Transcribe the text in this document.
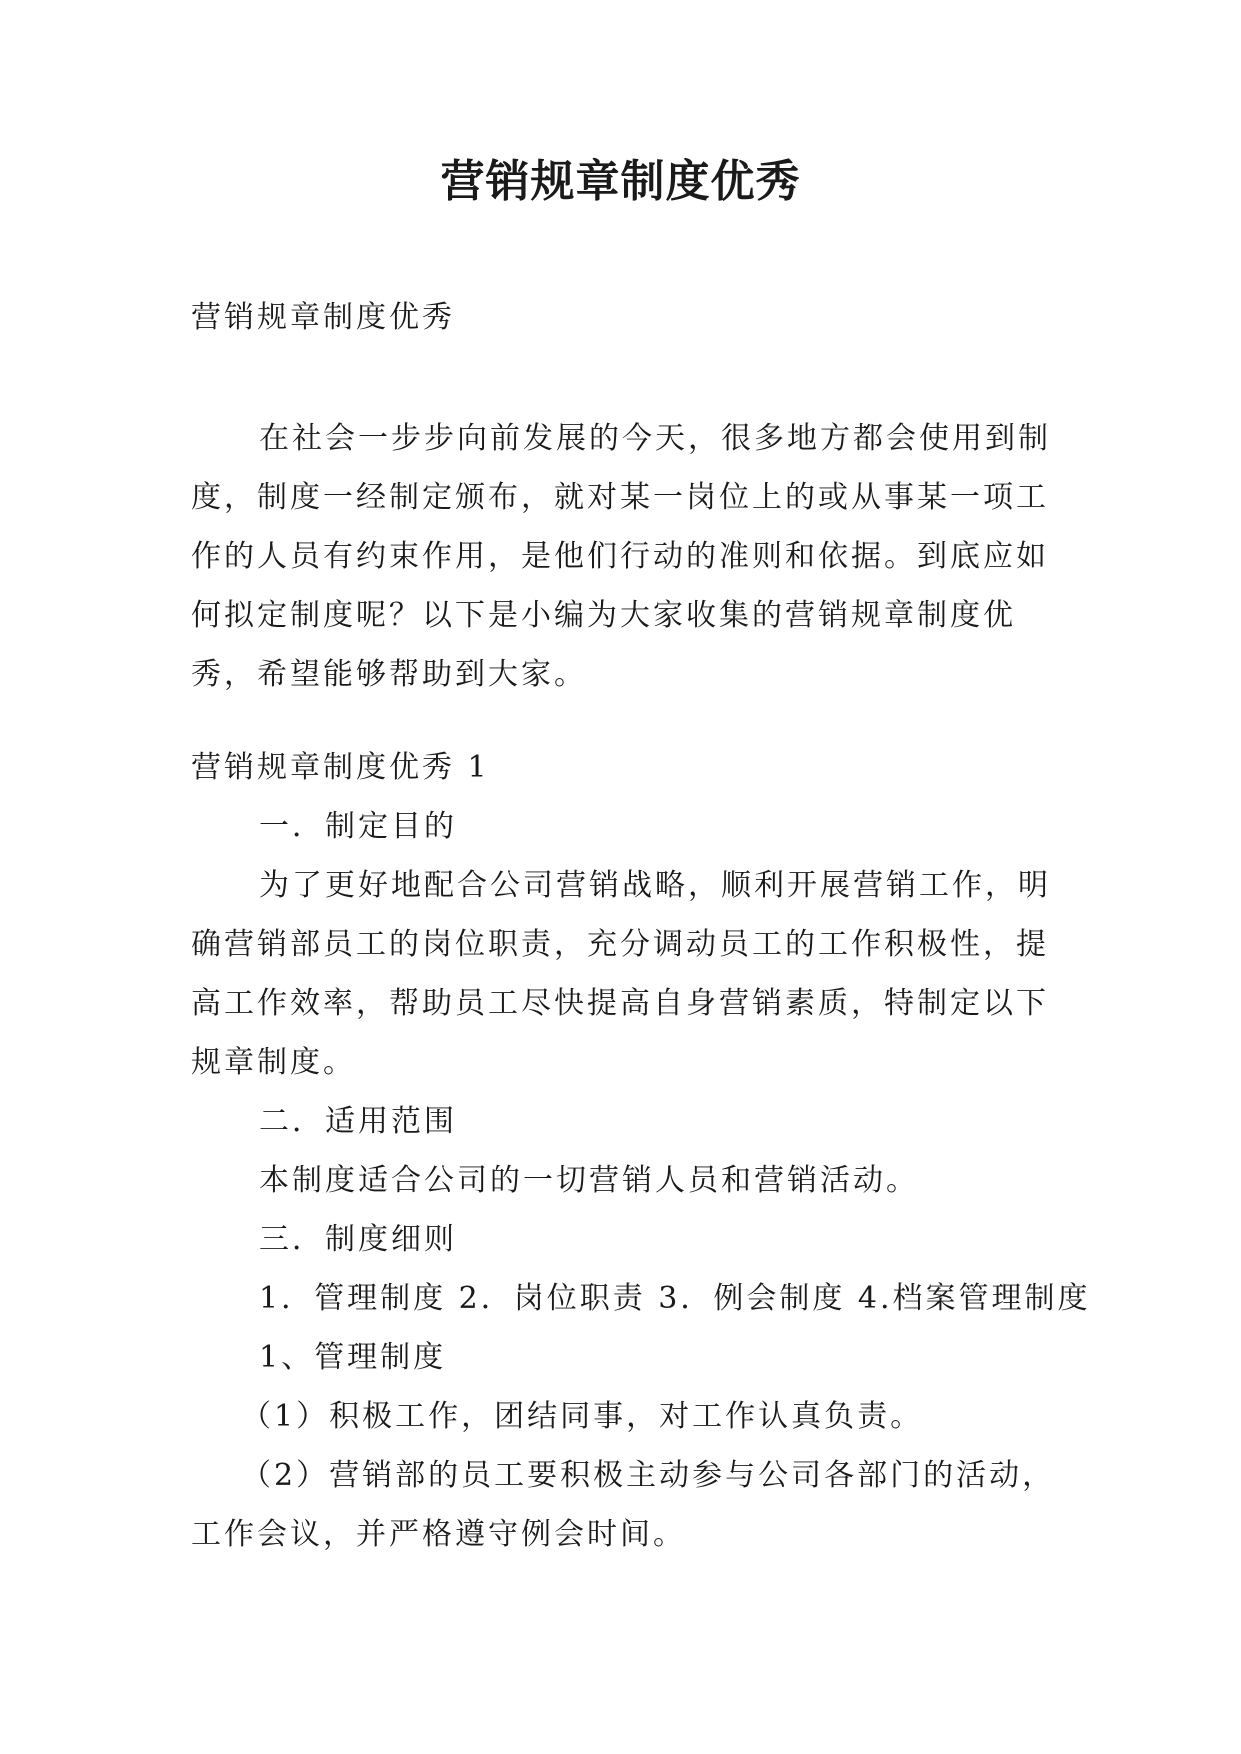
营销规章制度优秀

营销规章制度优秀

在社会一步步向前发展的今天，很多地方都会使用到制

度，制度一经制定颁布，就对某一岗位上的或从事某一项工

作的人员有约束作用，是他们行动的准则和依据。到底应如

何拟定制度呢？以下是小编为大家收集的营销规章制度优

秀，希望能够帮助到大家。

营销规章制度优秀 1

一．制定目的

为了更好地配合公司营销战略，顺利开展营销工作，明

确营销部员工的岗位职责，充分调动员工的工作积极性，提

高工作效率，帮助员工尽快提高自身营销素质，特制定以下

规章制度。

二．适用范围

本制度适合公司的一切营销人员和营销活动。

三．制度细则

1．管理制度 2．岗位职责 3．例会制度 4.档案管理制度

1、管理制度

（1）积极工作，团结同事，对工作认真负责。

（2）营销部的员工要积极主动参与公司各部门的活动，

工作会议，并严格遵守例会时间。
